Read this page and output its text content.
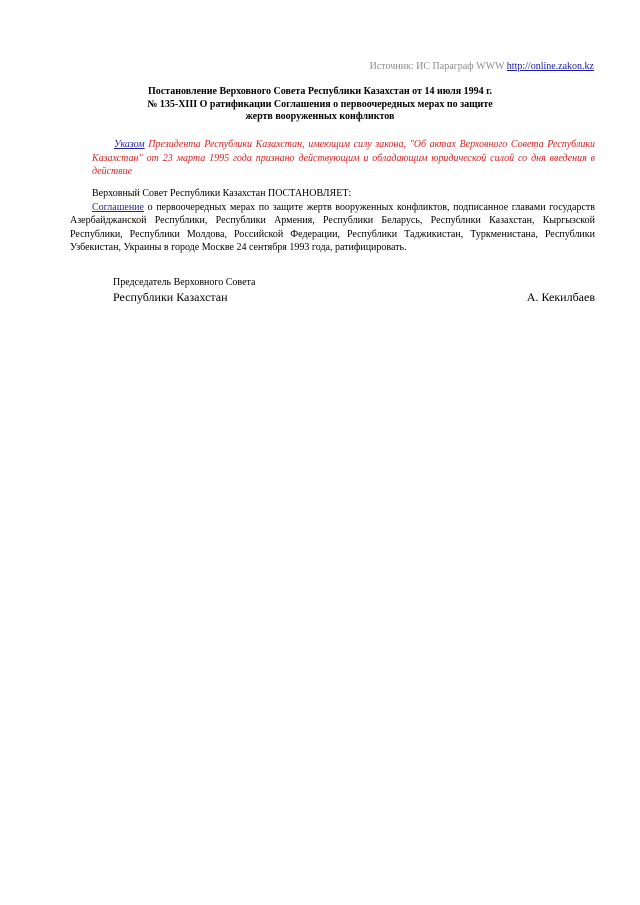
Источник: ИС Параграф WWW http://online.zakon.kz
Постановление Верховного Совета Республики Казахстан от 14 июля 1994 г.
№ 135-XIII О ратификации Соглашения о первоочередных мерах по защите
жертв вооруженных конфликтов
Указом Президента Республики Казахстан, имеющим силу закона, "Об актах Верховного Совета Республики Казахстан" от 23 марта 1995 года признано действующим и обладающим юридической силой со дня введения в действие

Верховный Совет Республики Казахстан ПОСТАНОВЛЯЕТ:

Соглашение о первоочередных мерах по защите жертв вооруженных конфликтов, подписанное главами государств Азербайджанской Республики, Республики Армения, Республики Беларусь, Республики Казахстан, Кыргызской Республики, Республики Молдова, Российской Федерации, Республики Таджикистан, Туркменистана, Республики Узбекистан, Украины в городе Москве 24 сентября 1993 года, ратифицировать.

Председатель Верховного Совета
Республики Казахстан	А. Кекилбаев
